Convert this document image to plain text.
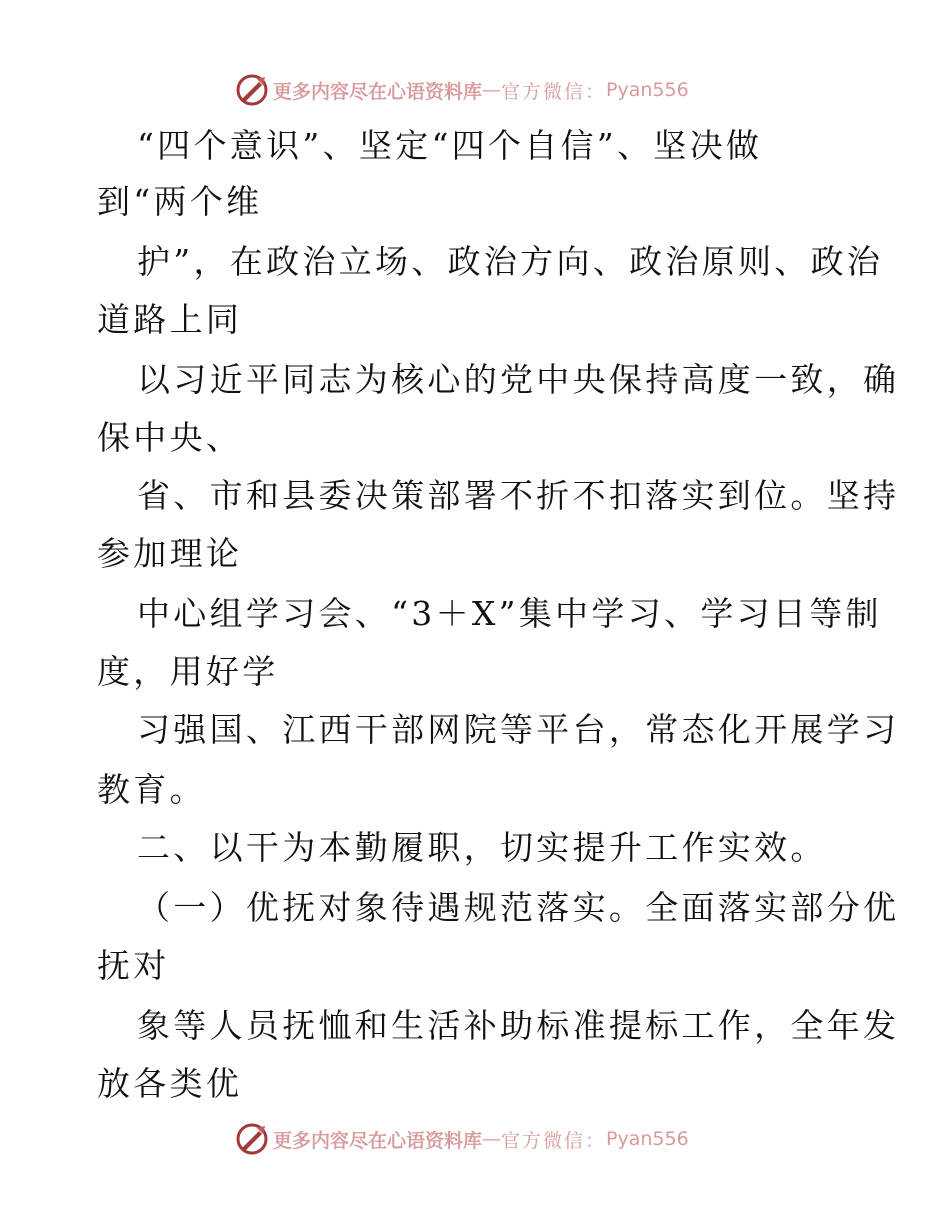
更多内容尽在心语资料库 — 官方微信： Pyan556
“四个意识”、坚定“四个自信”、坚决做
到“两个维
护”，在政治立场、政治方向、政治原则、政治
道路上同
以习近平同志为核心的党中央保持高度一致，确
保中央、
省、市和县委决策部署不折不扣落实到位。坚持
参加理论
中心组学习会、“3＋X”集中学习、学习日等制
度，用好学
习强国、江西干部网院等平台，常态化开展学习
教育。
二、以干为本勤履职，切实提升工作实效。
（一）优抚对象待遇规范落实。全面落实部分优
抚对
象等人员抚恤和生活补助标准提标工作，全年发
放各类优
更多内容尽在心语资料库 — 官方微信： Pyan556
